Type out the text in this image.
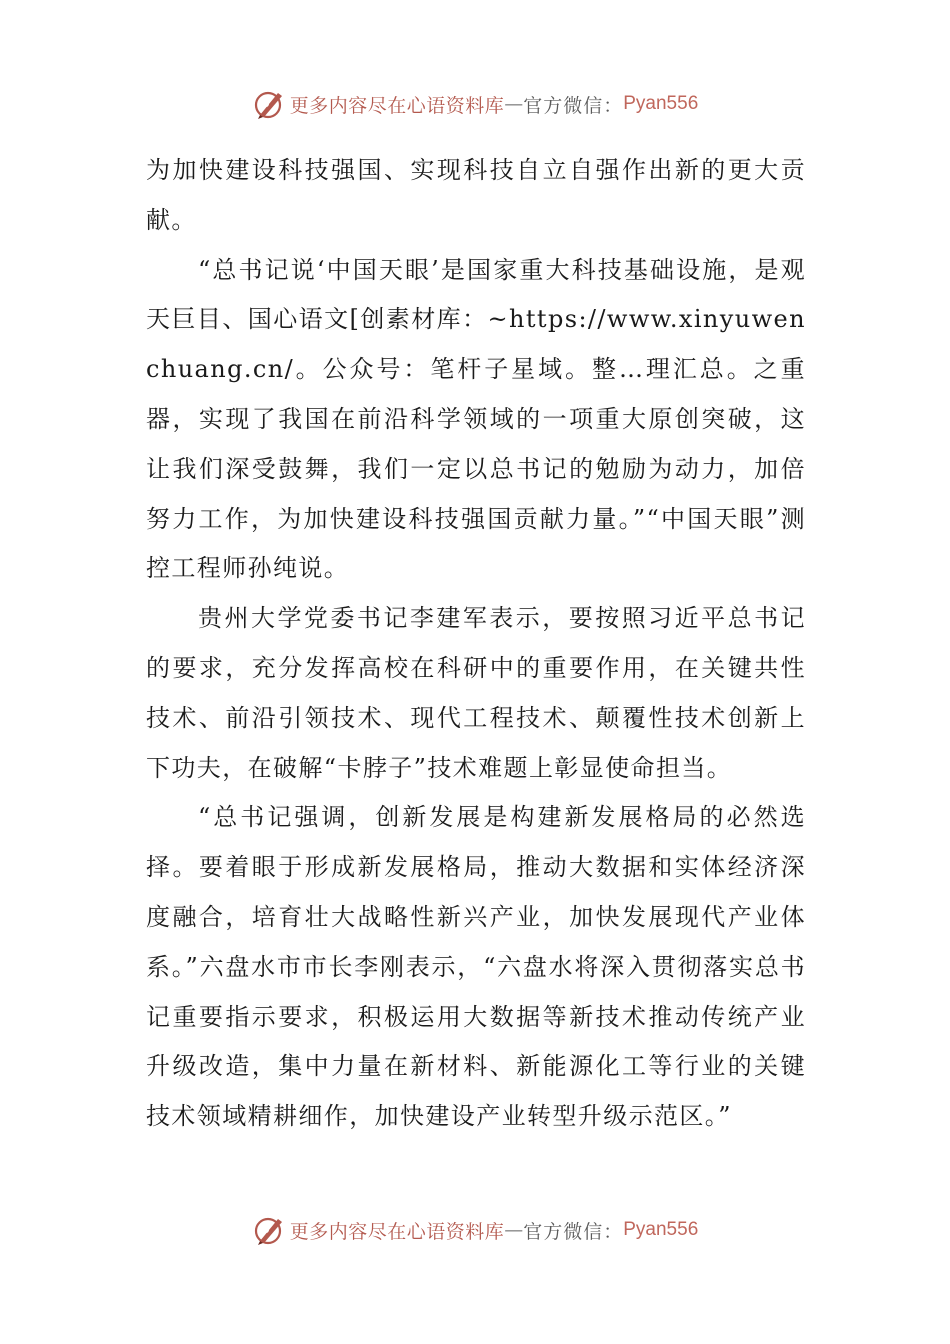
更多内容尽在心语资料库 — 官方微信： Pyan556

为加快建设科技强国、实现科技自立自强作出新的更大贡献。

“总书记说‘中国天眼’是国家重大科技基础设施，是观天巨目、国心语文[创素材库：~https://www.xinyuwenchuang.cn/。公众号：笔杆子星域。整…理汇总。之重器，实现了我国在前沿科学领域的一项重大原创突破，这让我们深受鼓舞，我们一定以总书记的勉励为动力，加倍努力工作，为加快建设科技强国贡献力量。”“中国天眼”测控工程师孙纯说。

贵州大学党委书记李建军表示，要按照习近平总书记的要求，充分发挥高校在科研中的重要作用，在关键共性技术、前沿引领技术、现代工程技术、颠覆性技术创新上下功夫，在破解“卡脖子”技术难题上彰显使命担当。

“总书记强调，创新发展是构建新发展格局的必然选择。要着眼于形成新发展格局，推动大数据和实体经济深度融合，培育壮大战略性新兴产业，加快发展现代产业体系。”六盘水市市长李刚表示，“六盘水将深入贯彻落实总书记重要指示要求，积极运用大数据等新技术推动传统产业升级改造，集中力量在新材料、新能源化工等行业的关键技术领域精耕细作，加快建设产业转型升级示范区。”

更多内容尽在心语资料库 — 官方微信： Pyan556
